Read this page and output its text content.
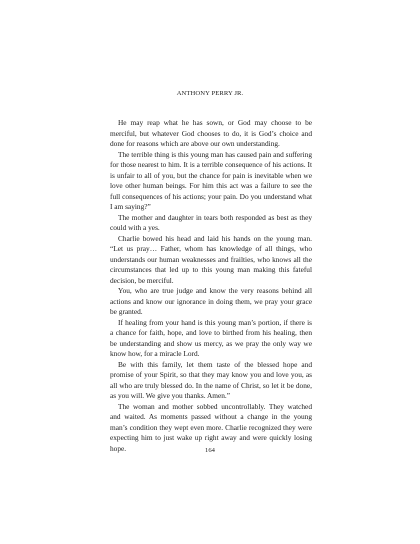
ANTHONY PERRY JR.

He may reap what he has sown, or God may choose to be merciful, but whatever God chooses to do, it is God’s choice and done for reasons which are above our own understanding.

The terrible thing is this young man has caused pain and suffering for those nearest to him. It is a terrible consequence of his actions. It is unfair to all of you, but the chance for pain is inevitable when we love other human beings. For him this act was a failure to see the full consequences of his actions; your pain. Do you understand what I am saying?”

The mother and daughter in tears both responded as best as they could with a yes.

Charlie bowed his head and laid his hands on the young man. “Let us pray… Father, whom has knowledge of all things, who understands our human weaknesses and frailties, who knows all the circumstances that led up to this young man making this fateful decision, be merciful.

You, who are true judge and know the very reasons behind all actions and know our ignorance in doing them, we pray your grace be granted.

If healing from your hand is this young man’s portion, if there is a chance for faith, hope, and love to birthed from his healing, then be understanding and show us mercy, as we pray the only way we know how, for a miracle Lord.

Be with this family, let them taste of the blessed hope and promise of your Spirit, so that they may know you and love you, as all who are truly blessed do. In the name of Christ, so let it be done, as you will. We give you thanks. Amen.”

The woman and mother sobbed uncontrollably. They watched and waited. As moments passed without a change in the young man’s condition they wept even more. Charlie recognized they were expecting him to just wake up right away and were quickly losing hope.	164
